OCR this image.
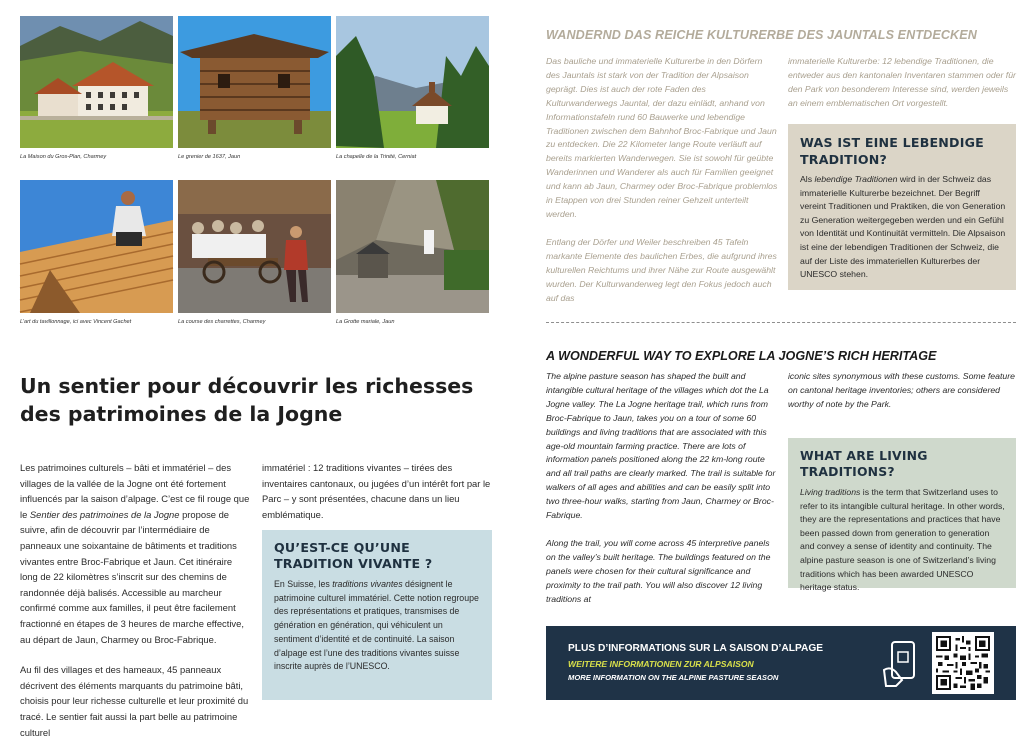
La Maison du Gros-Plan, Charmey	Le grenier de 1637, Jaun	La chapelle de la Trinité, Cerniat
L’art du tavillonnage, ici avec Vincent Gachet	La course des charrettes, Charmey	La Grotte mariale, Jaun
Un sentier pour découvrir les richesses
des patrimoines de la Jogne

Les patrimoines culturels – bâti et immatériel – des villages de la vallée de la Jogne ont été fortement influencés par la saison d’alpage. C’est ce fil rouge que le Sentier des patrimoines de la Jogne propose de suivre, afin de découvrir par l’intermédiaire de panneaux une soixantaine de bâtiments et traditions vivantes entre Broc-Fabrique et Jaun. Cet itinéraire long de 22 kilomètres s’inscrit sur des chemins de randonnée déjà balisés. Accessible au marcheur confirmé comme aux familles, il peut être facilement fractionné en étapes de 3 heures de marche effective, au départ de Jaun, Charmey ou Broc-Fabrique.

Au fil des villages et des hameaux, 45 panneaux décrivent des éléments marquants du patrimoine bâti, choisis pour leur richesse culturelle et leur proximité du tracé. Le sentier fait aussi la part belle au patrimoine culturel

immatériel : 12 traditions vivantes – tirées des inventaires cantonaux, ou jugées d’un intérêt fort par le Parc – y sont présentées, chacune dans un lieu emblématique.

QU’EST-CE QU’UNE
TRADITION VIVANTE ?
En Suisse, les traditions vivantes désignent le patrimoine culturel immatériel. Cette notion regroupe des représentations et pratiques, transmises de génération en génération, qui véhiculent un sentiment d’identité et de continuité. La saison d’alpage est l’une des traditions vivantes suisse inscrite auprès de l’UNESCO.
WANDERND DAS REICHE KULTURERBE DES JAUNTALS ENTDECKEN

Das bauliche und immaterielle Kulturerbe in den Dörfern des Jauntals ist stark von der Tradition der Alpsaison geprägt. Dies ist auch der rote Faden des Kulturwanderwegs Jauntal, der dazu einlädt, anhand von Informationstafeln rund 60 Bauwerke und lebendige Traditionen zwischen dem Bahnhof Broc-Fabrique und Jaun zu entdecken. Die 22 Kilometer lange Route verläuft auf bereits markierten Wanderwegen. Sie ist sowohl für geübte Wanderinnen und Wanderer als auch für Familien geeignet und kann ab Jaun, Charmey oder Broc-Fabrique problemlos in Etappen von drei Stunden reiner Gehzeit unterteilt werden.

Entlang der Dörfer und Weiler beschreiben 45 Tafeln markante Elemente des baulichen Erbes, die aufgrund ihres kulturellen Reichtums und ihrer Nähe zur Route ausgewählt wurden. Der Kulturwanderweg legt den Fokus jedoch auch auf das

immaterielle Kulturerbe: 12 lebendige Traditionen, die entweder aus den kantonalen Inventaren stammen oder für den Park von besonderem Interesse sind, werden jeweils an einem emblematischen Ort vorgestellt.

WAS IST EINE LEBENDIGE
TRADITION?
Als lebendige Traditionen wird in der Schweiz das immaterielle Kulturerbe bezeichnet. Der Begriff vereint Traditionen und Praktiken, die von Generation zu Generation weitergegeben werden und ein Gefühl von Identität und Kontinuität vermitteln. Die Alpsaison ist eine der lebendigen Traditionen der Schweiz, die auf der Liste des immateriellen Kulturerbes der UNESCO stehen.
A WONDERFUL WAY TO EXPLORE LA JOGNE’S RICH HERITAGE

The alpine pasture season has shaped the built and intangible cultural heritage of the villages which dot the La Jogne valley. The La Jogne heritage trail, which runs from Broc-Fabrique to Jaun, takes you on a tour of some 60 buildings and living traditions that are associated with this age-old mountain farming practice. There are lots of information panels positioned along the 22 km-long route and all trail paths are clearly marked. The trail is suitable for walkers of all ages and abilities and can be easily split into two three-hour walks, starting from Jaun, Charmey or Broc-Fabrique.

Along the trail, you will come across 45 interpretive panels on the valley’s built heritage. The buildings featured on the panels were chosen for their cultural significance and proximity to the trail path. You will also discover 12 living traditions at

iconic sites synonymous with these customs. Some feature on cantonal heritage inventories; others are considered worthy of note by the Park.

WHAT ARE LIVING TRADITIONS?
Living traditions is the term that Switzerland uses to refer to its intangible cultural heritage. In other words, they are the representations and practices that have been passed down from generation to generation and convey a sense of identity and continuity. The alpine pasture season is one of Switzerland’s living traditions which has been awarded UNESCO heritage status.
PLUS D’INFORMATIONS SUR LA SAISON D’ALPAGE
WEITERE INFORMATIONEN ZUR ALPSAISON
MORE INFORMATION ON THE ALPINE PASTURE SEASON
